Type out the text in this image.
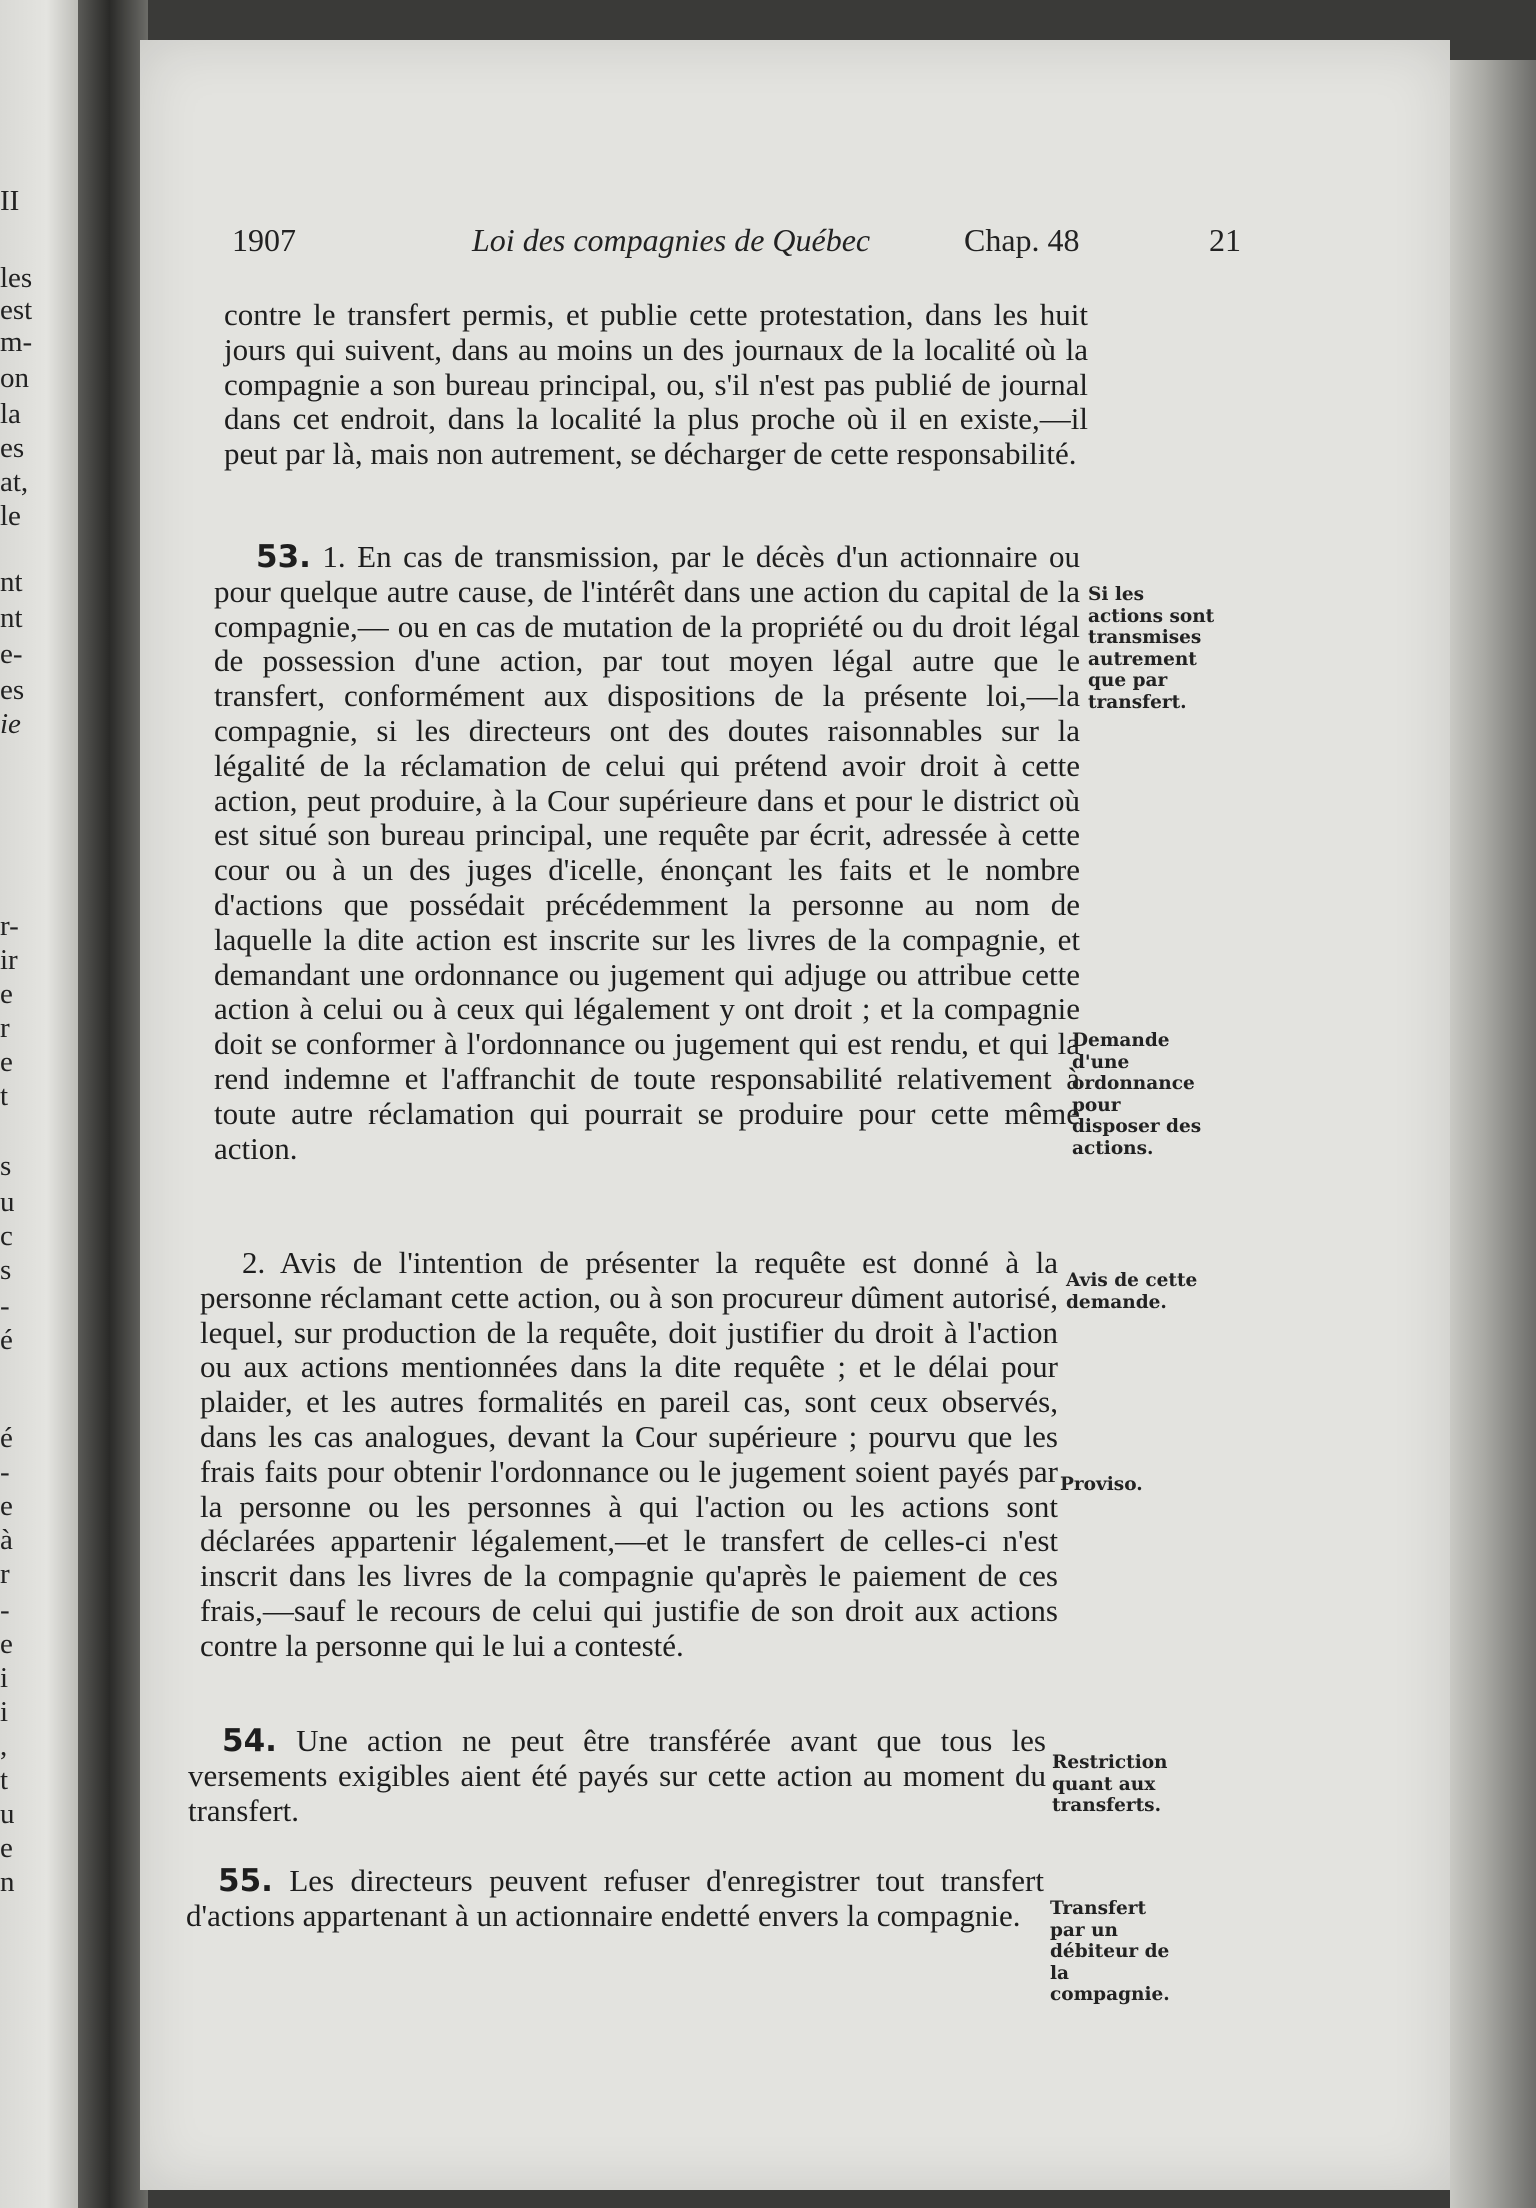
II
les
est
m-
on
la
es
at,
le
nt
nt
e-
es
ie
r-
ir
e
r
e
t
s
u
c
s
-
é
é
-
e
à
r
-
e
i
i
,
t
u
e
n
1907	Loi des compagnies de Québec	Chap. 48	21

contre le transfert permis, et publie cette protestation, dans les huit jours qui suivent, dans au moins un des journaux de la localité où la compagnie a son bureau principal, ou, s'il n'est pas publié de journal dans cet endroit, dans la localité la plus proche où il en existe,—il peut par là, mais non autrement, se décharger de cette responsabilité.

53. 1. En cas de transmission, par le décès d'un actionnaire ou pour quelque autre cause, de l'intérêt dans une action du capital de la compagnie,— ou en cas de mutation de la propriété ou du droit légal de possession d'une action, par tout moyen légal autre que le transfert, conformément aux dispositions de la présente loi,—la compagnie, si les directeurs ont des doutes raisonnables sur la légalité de la réclamation de celui qui prétend avoir droit à cette action, peut produire, à la Cour supérieure dans et pour le district où est situé son bureau principal, une requête par écrit, adressée à cette cour ou à un des juges d'icelle, énonçant les faits et le nombre d'actions que possédait précédemment la personne au nom de laquelle la dite action est inscrite sur les livres de la compagnie, et demandant une ordonnance ou jugement qui adjuge ou attribue cette action à celui ou à ceux qui légalement y ont droit ; et la compagnie doit se conformer à l'ordonnance ou jugement qui est rendu, et qui la rend indemne et l'affranchit de toute responsabilité relativement à toute autre réclamation qui pourrait se produire pour cette même action.

2. Avis de l'intention de présenter la requête est donné à la personne réclamant cette action, ou à son procureur dûment autorisé, lequel, sur production de la requête, doit justifier du droit à l'action ou aux actions mentionnées dans la dite requête ; et le délai pour plaider, et les autres formalités en pareil cas, sont ceux observés, dans les cas analogues, devant la Cour supérieure ; pourvu que les frais faits pour obtenir l'ordonnance ou le jugement soient payés par la personne ou les personnes à qui l'action ou les actions sont déclarées appartenir légalement,—et le transfert de celles-ci n'est inscrit dans les livres de la compagnie qu'après le paiement de ces frais,—sauf le recours de celui qui justifie de son droit aux actions contre la personne qui le lui a contesté.

54. Une action ne peut être transférée avant que tous les versements exigibles aient été payés sur cette action au moment du transfert.

55. Les directeurs peuvent refuser d'enregistrer tout transfert d'actions appartenant à un actionnaire endetté envers la compagnie.

Si les actions sont transmises autrement que par transfert.

Demande d'une ordonnance pour disposer des actions.

Avis de cette demande.

Proviso.

Restriction quant aux transferts.

Transfert par un débiteur de la compagnie.
